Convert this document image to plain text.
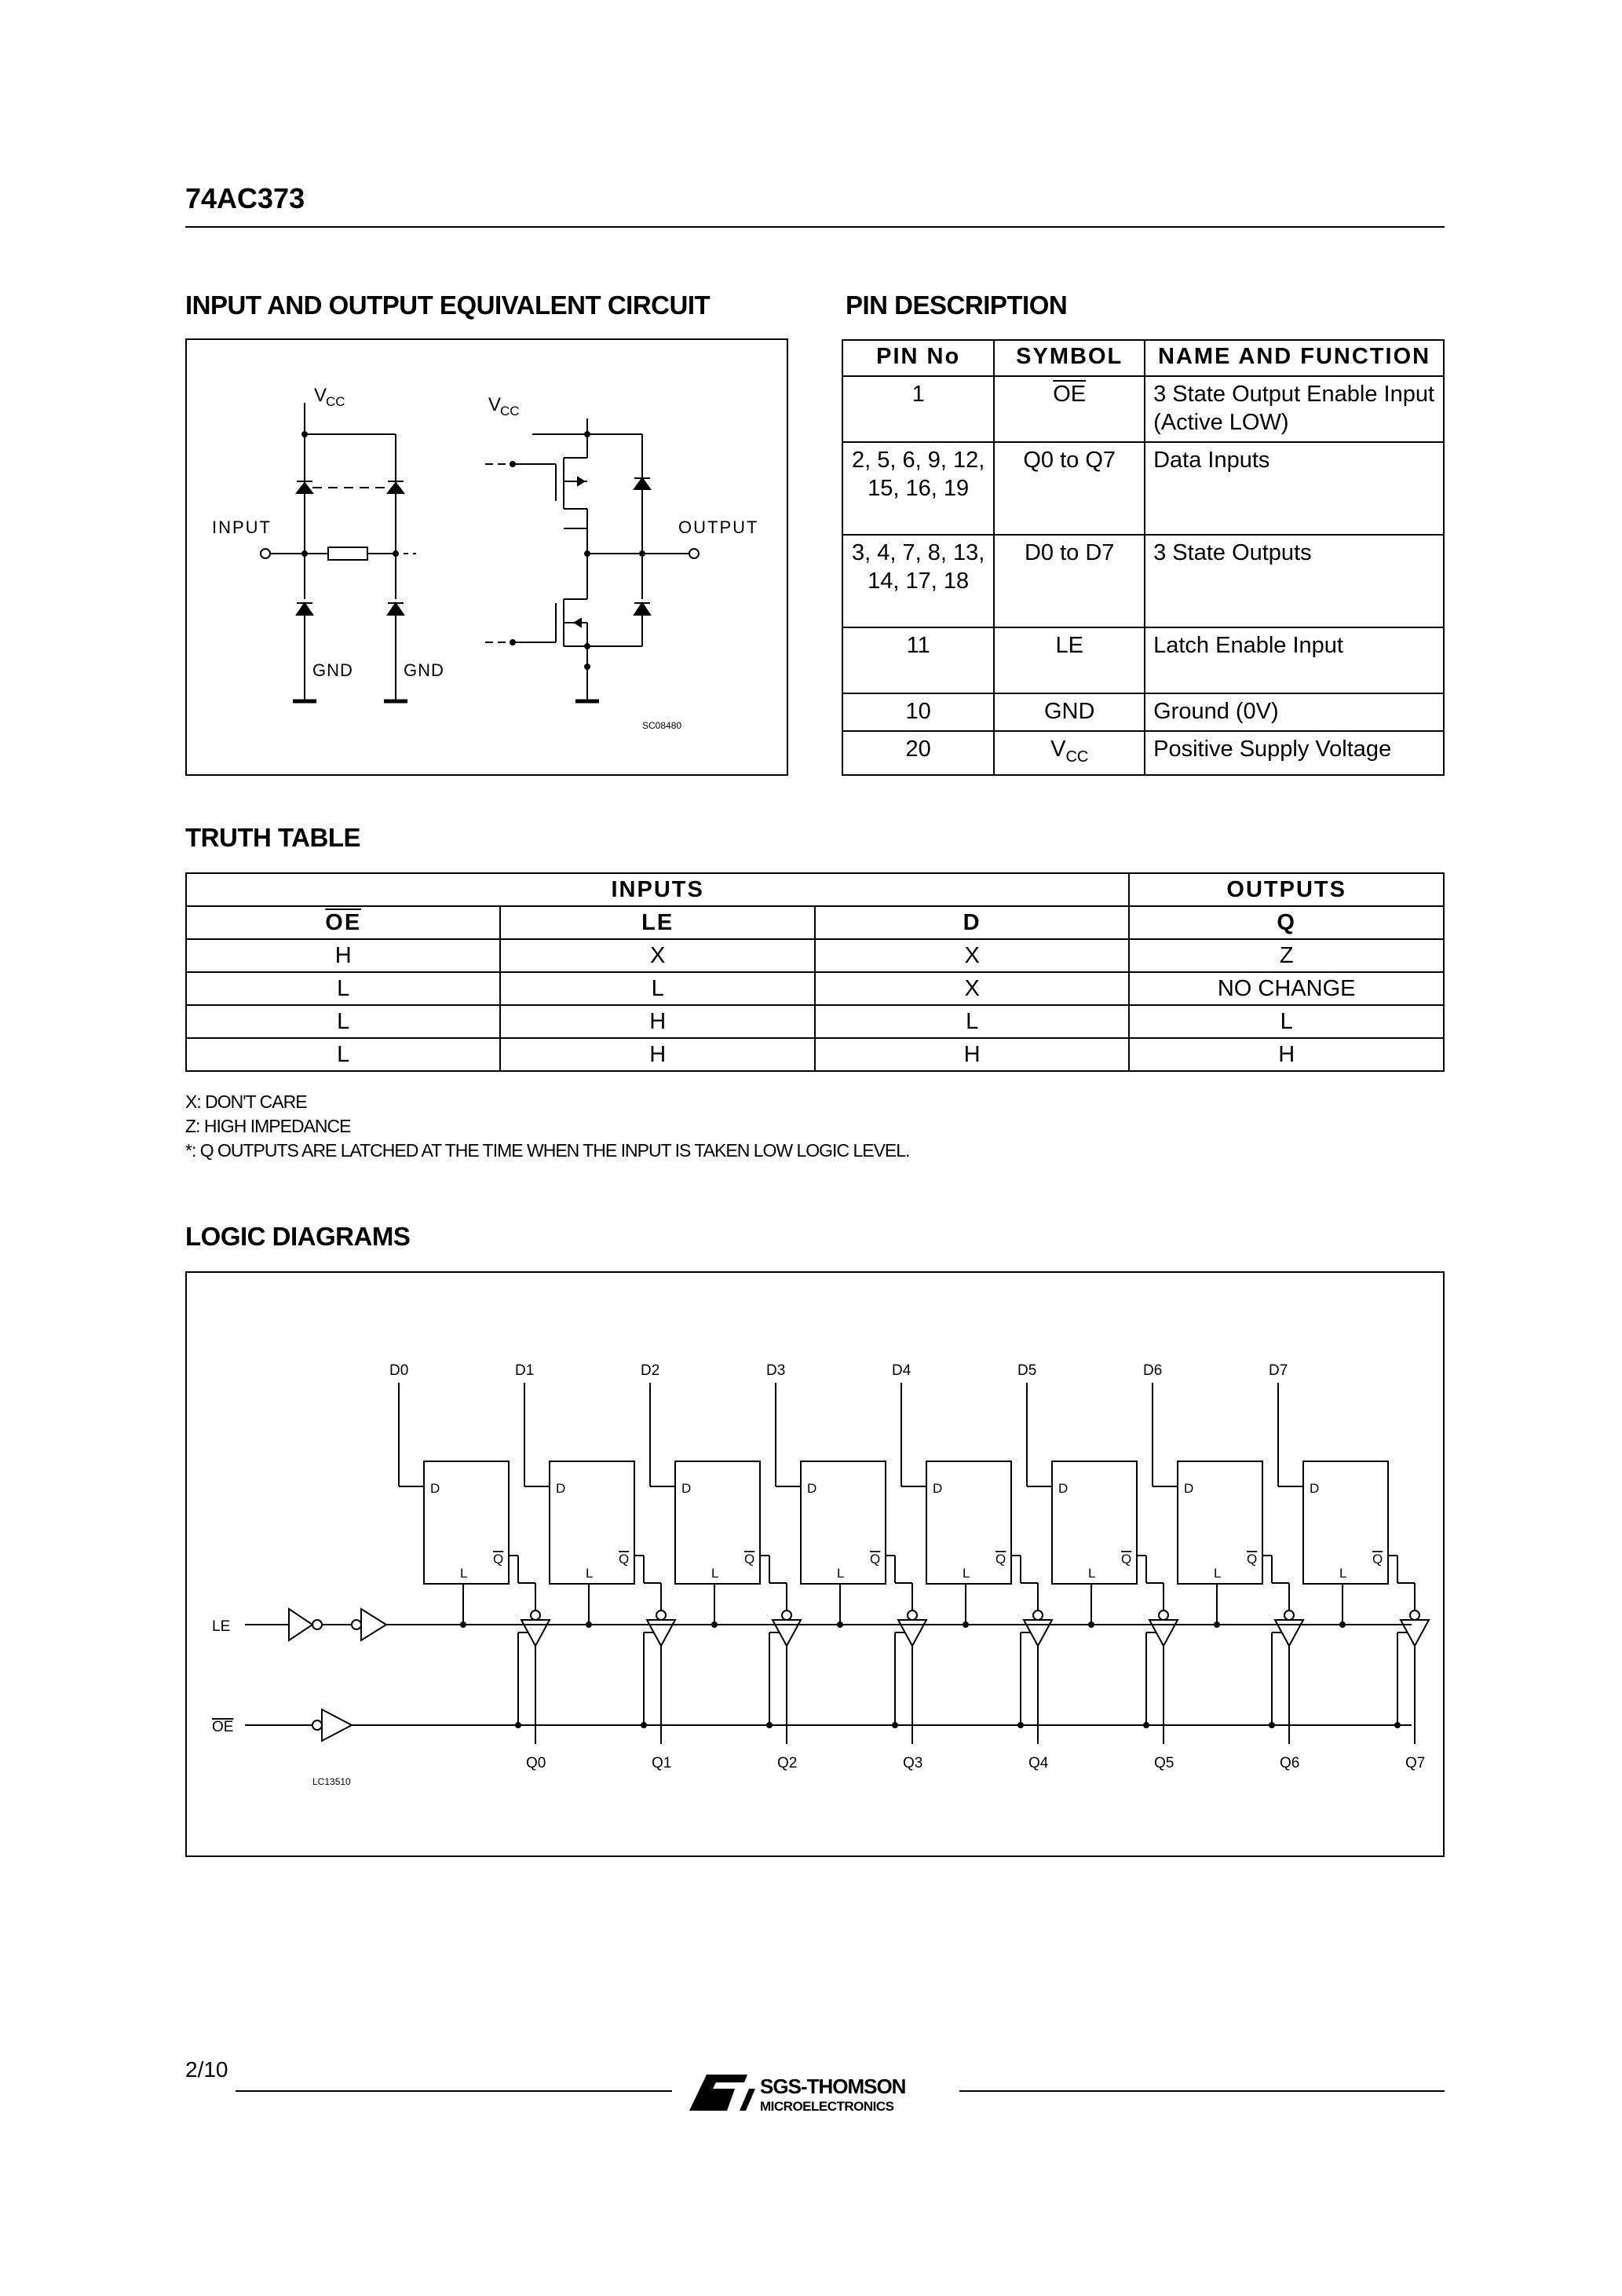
74AC373
INPUT AND OUTPUT EQUIVALENT CIRCUIT	PIN DESCRIPTION
TRUTH TABLE
LOGIC DIAGRAMS
V
CC	V
CC
INPUT	OUTPUT
GND	GND
SC08480
PIN No	SYMBOL	NAME AND FUNCTION
1	$\overline{OE}$	3 State Output Enable Input (Active LOW)
2, 5, 6, 9, 12, 15, 16, 19	Q0 to Q7	Data Inputs
3, 4, 7, 8, 13, 14, 17, 18	D0 to D7	3 State Outputs
11	LE	Latch Enable Input
10	GND	Ground (0V)
20	$V_{CC}$	Positive Supply Voltage
INPUTS			OUTPUTS
$\overline{OE}$	LE	D	Q
H	X	X	Z
L	L	X	NO CHANGE
L	H	L	L
L	H	H	H
X: DON'T CARE
Z: HIGH IMPEDANCE
*: Q OUTPUTS ARE LATCHED AT THE TIME WHEN THE INPUT IS TAKEN LOW LOGIC LEVEL.
D0
D
L
Q
Q0
D1
D
L
Q
Q1
D2
D
L
Q
Q2
D3
D
L
Q
Q3
D4
D
L
Q
Q4
D5
D
L
Q
Q5
D6
D
L
Q
Q6
D7
D
L
Q
Q7
LE
OE
LC13510
2/10
SGS-THOMSON
MICROELECTRONICS
